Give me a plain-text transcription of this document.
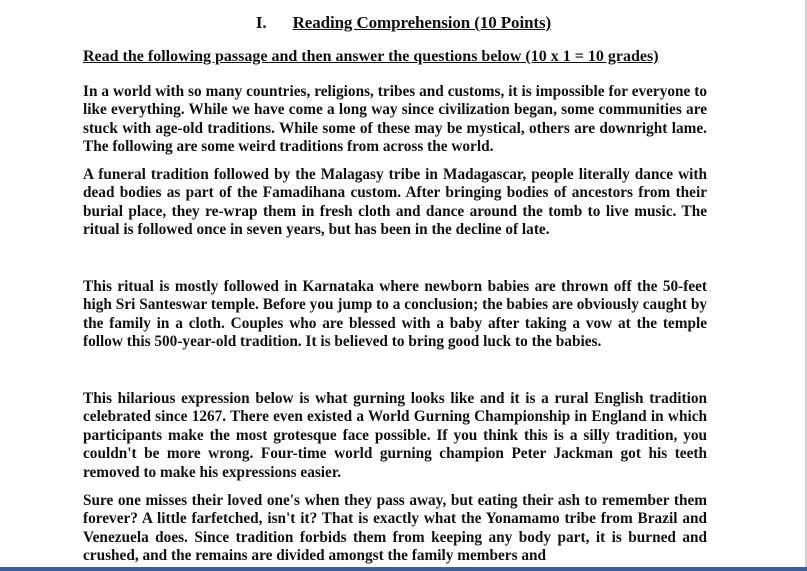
I. Reading Comprehension (10 Points)
Read the following passage and then answer the questions below (10 x 1 = 10 grades)

In a world with so many countries, religions, tribes and customs, it is impossible for everyone to like everything. While we have come a long way since civilization began, some communities are stuck with age-old traditions. While some of these may be mystical, others are downright lame. The following are some weird traditions from across the world.

A funeral tradition followed by the Malagasy tribe in Madagascar, people literally dance with dead bodies as part of the Famadihana custom. After bringing bodies of ancestors from their burial place, they re-wrap them in fresh cloth and dance around the tomb to live music. The ritual is followed once in seven years, but has been in the decline of late.

This ritual is mostly followed in Karnataka where newborn babies are thrown off the 50-feet high Sri Santeswar temple. Before you jump to a conclusion; the babies are obviously caught by the family in a cloth. Couples who are blessed with a baby after taking a vow at the temple follow this 500-year-old tradition. It is believed to bring good luck to the babies.

This hilarious expression below is what gurning looks like and it is a rural English tradition celebrated since 1267. There even existed a World Gurning Championship in England in which participants make the most grotesque face possible. If you think this is a silly tradition, you couldn't be more wrong. Four-time world gurning champion Peter Jackman got his teeth removed to make his expressions easier.

Sure one misses their loved one's when they pass away, but eating their ash to remember them forever? A little farfetched, isn't it? That is exactly what the Yonamamo tribe from Brazil and Venezuela does. Since tradition forbids them from keeping any body part, it is burned and crushed, and the remains are divided amongst the family members and
